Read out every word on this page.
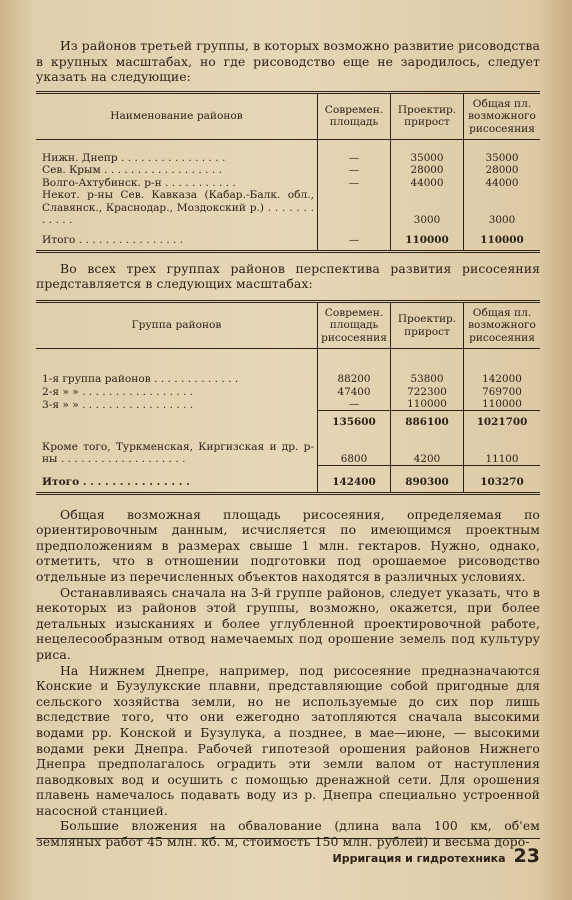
Из районов третьей группы, в которых возможно развитие рисоводства в крупных масштабах, но где рисоводство еще не зародилось, следует указать на следующие:

Наименование районов	Современ. площадь	Проектир. прирост	Общая пл. возможного рисосеяния

Нижн. Днепр . . . . . . . . . . . . . . . .	—	35000	35000
Сев. Крым . . . . . . . . . . . . . . . . . .	—	28000	28000
Волго-Ахтубинск. р-н . . . . . . . . . . .	—	44000	44000
Некот. р-ны Сев. Кавказа (Кабар.-Балк. обл., Славянск., Краснодар., Моздокский р.) . . . . . . . . . . . .		3000	3000
Итого . . . . . . . . . . . . . . . .	—	110000	110000

Во всех трех группах районов перспектива развития рисосеяния представляется в следующих масштабах:

Группа районов	Современ. площадь рисосеяния	Проектир. прирост	Общая пл. возможного рисосеяния

1-я группа районов . . . . . . . . . . . . .	88200	53800	142000
2-я » » . . . . . . . . . . . . . . . . .	47400	722300	769700
3-я » » . . . . . . . . . . . . . . . . .	—	110000	110000
	135600	886100	1021700

Кроме того, Туркменская, Киргизская и др. р-ны . . . . . . . . . . . . . . . . . . .	6800	4200	11100
Итого . . . . . . . . . . . . . . .	142400	890300	103270

Общая возможная площадь рисосеяния, определяемая по ориентировочным данным, исчисляется по имеющимся проектным предположениям в размерах свыше 1 млн. гектаров. Нужно, однако, отметить, что в отношении подготовки под орошаемое рисоводство отдельные из перечисленных объектов находятся в различных условиях.

Останавливаясь сначала на 3-й группе районов, следует указать, что в некоторых из районов этой группы, возможно, окажется, при более детальных изысканиях и более углубленной проектировочной работе, нецелесообразным отвод намечаемых под орошение земель под культуру риса.

На Нижнем Днепре, например, под рисосеяние предназначаются Конские и Бузулукские плавни, представляющие собой пригодные для сельского хозяйства земли, но не используемые до сих пор лишь вследствие того, что они ежегодно затопляются сначала высокими водами рр. Конской и Бузулука, а позднее, в мае—июне, — высокими водами реки Днепра. Рабочей гипотезой орошения районов Нижнего Днепра предполагалось оградить эти земли валом от наступления паводковых вод и осушить с помощью дренажной сети. Для орошения плавень намечалось подавать воду из р. Днепра специально устроенной насосной станцией.

Большие вложения на обвалование (длина вала 100 км, об'ем земляных работ 45 млн. кб. м, стоимость 150 млн. рублей) и весьма доро-

Ирригация и гидротехника 23
